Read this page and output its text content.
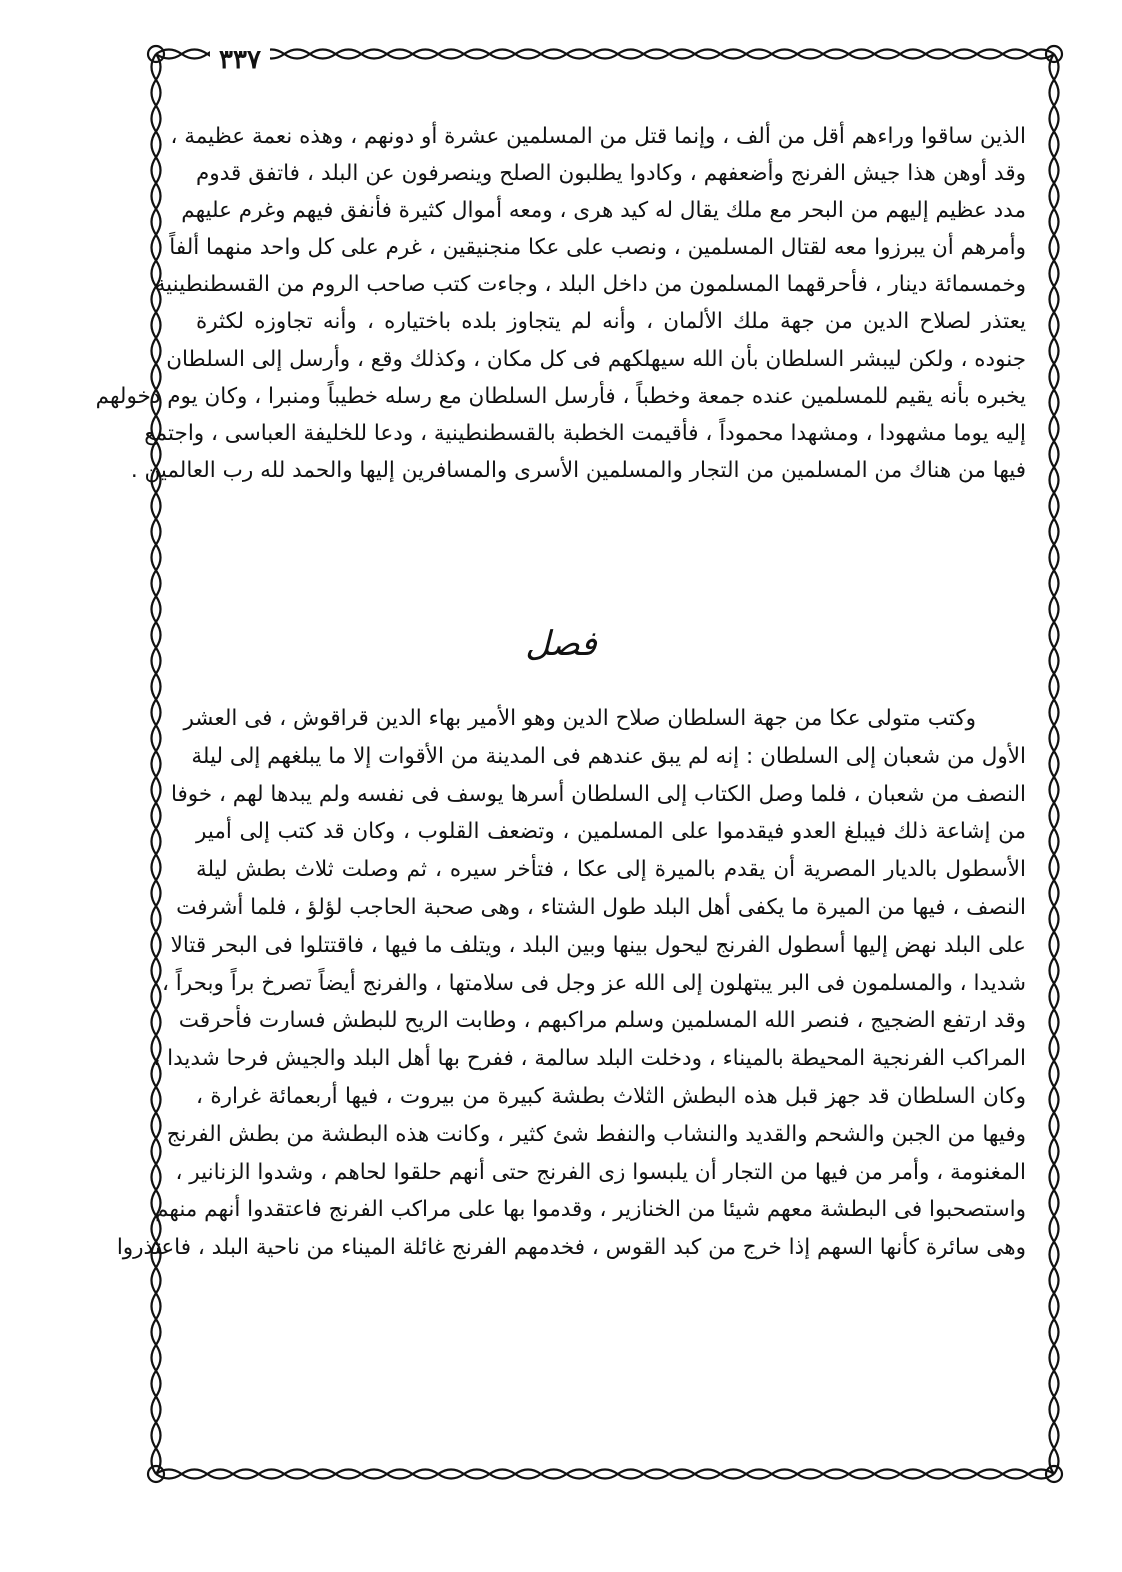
٣٣٧
الذين ساقوا وراءهم أقل من ألف ، وإنما قتل من المسلمين عشرة أو دونهم ، وهذه نعمة عظيمة ،
وقد أوهن هذا جيش الفرنج وأضعفهم ، وكادوا يطلبون الصلح وينصرفون عن البلد ، فاتفق قدوم
مدد عظيم إليهم من البحر مع ملك يقال له كيد هرى ، ومعه أموال كثيرة فأنفق فيهم وغرم عليهم
وأمرهم أن يبرزوا معه لقتال المسلمين ، ونصب على عكا منجنيقين ، غرم على كل واحد منهما ألفاً
وخمسمائة دينار ، فأحرقهما المسلمون من داخل البلد ، وجاءت كتب صاحب الروم من القسطنطينية
يعتذر لصلاح الدين من جهة ملك الألمان ، وأنه لم يتجاوز بلده باختياره ، وأنه تجاوزه لكثرة
جنوده ، ولكن ليبشر السلطان بأن الله سيهلكهم فى كل مكان ، وكذلك وقع ، وأرسل إلى السلطان
يخبره بأنه يقيم للمسلمين عنده جمعة وخطباً ، فأرسل السلطان مع رسله خطيباً ومنبرا ، وكان يوم دخولهم
إليه يوما مشهودا ، ومشهدا محموداً ، فأقيمت الخطبة بالقسطنطينية ، ودعا للخليفة العباسى ، واجتمع
فيها من هناك من المسلمين من التجار والمسلمين الأسرى والمسافرين إليها والحمد لله رب العالمين .
فصل
وكتب متولى عكا من جهة السلطان صلاح الدين وهو الأمير بهاء الدين قراقوش ، فى العشر
الأول من شعبان إلى السلطان : إنه لم يبق عندهم فى المدينة من الأقوات إلا ما يبلغهم إلى ليلة
النصف من شعبان ، فلما وصل الكتاب إلى السلطان أسرها يوسف فى نفسه ولم يبدها لهم ، خوفا
من إشاعة ذلك فيبلغ العدو فيقدموا على المسلمين ، وتضعف القلوب ، وكان قد كتب إلى أمير
الأسطول بالديار المصرية أن يقدم بالميرة إلى عكا ، فتأخر سيره ، ثم وصلت ثلاث بطش ليلة
النصف ، فيها من الميرة ما يكفى أهل البلد طول الشتاء ، وهى صحبة الحاجب لؤلؤ ، فلما أشرفت
على البلد نهض إليها أسطول الفرنج ليحول بينها وبين البلد ، ويتلف ما فيها ، فاقتتلوا فى البحر قتالا
شديدا ، والمسلمون فى البر يبتهلون إلى الله عز وجل فى سلامتها ، والفرنج أيضاً تصرخ براً وبحراً ،
وقد ارتفع الضجيج ، فنصر الله المسلمين وسلم مراكبهم ، وطابت الريح للبطش فسارت فأحرقت
المراكب الفرنجية المحيطة بالميناء ، ودخلت البلد سالمة ، ففرح بها أهل البلد والجيش فرحا شديدا ،
وكان السلطان قد جهز قبل هذه البطش الثلاث بطشة كبيرة من بيروت ، فيها أربعمائة غرارة ،
وفيها من الجبن والشحم والقديد والنشاب والنفط شئ كثير ، وكانت هذه البطشة من بطش الفرنج
المغنومة ، وأمر من فيها من التجار أن يلبسوا زى الفرنج حتى أنهم حلقوا لحاهم ، وشدوا الزنانير ،
واستصحبوا فى البطشة معهم شيئا من الخنازير ، وقدموا بها على مراكب الفرنج فاعتقدوا أنهم منهم
وهى سائرة كأنها السهم إذا خرج من كبد القوس ، فخدمهم الفرنج غائلة الميناء من ناحية البلد ، فاعتذروا
